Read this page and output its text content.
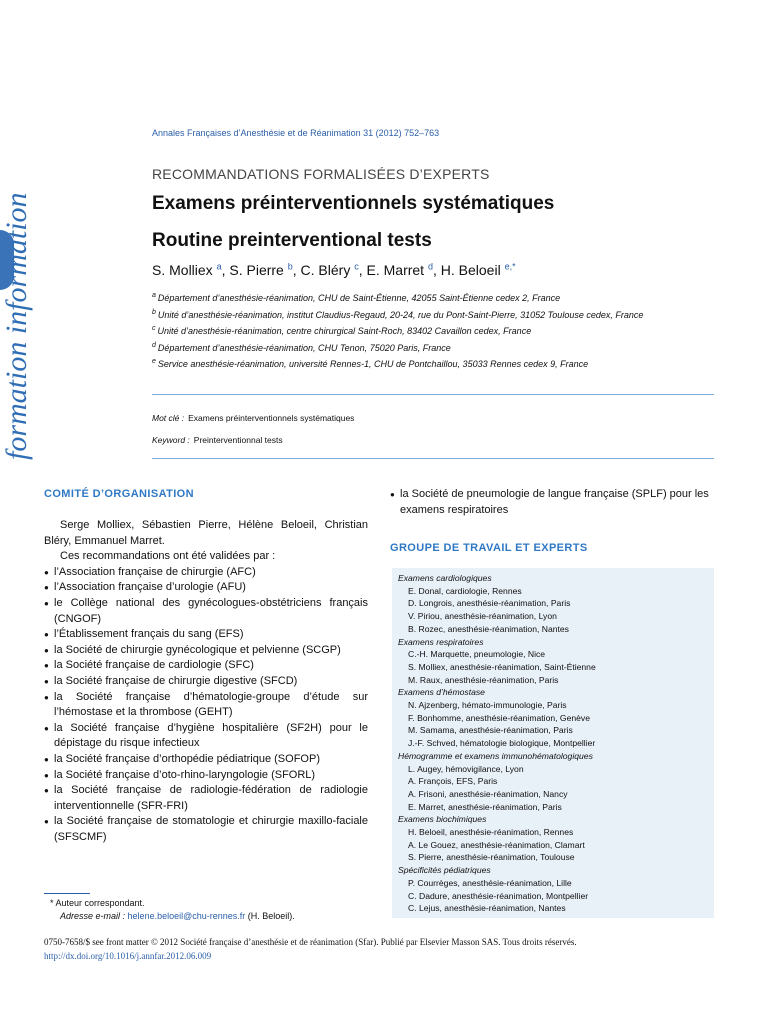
formation information
Annales Françaises d’Anesthésie et de Réanimation 31 (2012) 752–763
RECOMMANDATIONS FORMALISÉES D’EXPERTS
Examens préinterventionnels systématiques
Routine preinterventional tests
S. Molliex $^a$, S. Pierre $^b$, C. Bléry $^c$, E. Marret $^d$, H. Beloeil $^{e,*}$
$^a$ Département d’anesthésie-réanimation, CHU de Saint-Étienne, 42055 Saint-Étienne cedex 2, France
$^b$ Unité d’anesthésie-réanimation, institut Claudius-Regaud, 20-24, rue du Pont-Saint-Pierre, 31052 Toulouse cedex, France
$^c$ Unité d’anesthésie-réanimation, centre chirurgical Saint-Roch, 83402 Cavaillon cedex, France
$^d$ Département d’anesthésie-réanimation, CHU Tenon, 75020 Paris, France
$^e$ Service anesthésie-réanimation, université Rennes-1, CHU de Pontchaillou, 35033 Rennes cedex 9, France
Mot clé : Examens préinterventionnels systématiques
Keyword : Preinterventionnal tests
COMITÉ D’ORGANISATION

Serge Molliex, Sébastien Pierre, Hélène Beloeil, Christian Bléry, Emmanuel Marret.

Ces recommandations ont été validées par :

● l’Association française de chirurgie (AFC)
● l’Association française d’urologie (AFU)
● le Collège national des gynécologues-obstétriciens français (CNGOF)
● l’Établissement français du sang (EFS)
● la Société de chirurgie gynécologique et pelvienne (SCGP)
● la Société française de cardiologie (SFC)
● la Société française de chirurgie digestive (SFCD)
● la Société française d’hématologie-groupe d’étude sur l’hémostase et la thrombose (GEHT)
● la Société française d’hygiène hospitalière (SF2H) pour le dépistage du risque infectieux
● la Société française d’orthopédie pédiatrique (SOFOP)
● la Société française d’oto-rhino-laryngologie (SFORL)
● la Société française de radiologie-fédération de radiologie interventionnelle (SFR-FRI)
● la Société française de stomatologie et chirurgie maxillo-faciale (SFSCMF)
● la Société de pneumologie de langue française (SPLF) pour les examens respiratoires
GROUPE DE TRAVAIL ET EXPERTS
Examens cardiologiques
E. Donal, cardiologie, Rennes
D. Longrois, anesthésie-réanimation, Paris
V. Piriou, anesthésie-réanimation, Lyon
B. Rozec, anesthésie-réanimation, Nantes
Examens respiratoires
C.-H. Marquette, pneumologie, Nice
S. Molliex, anesthésie-réanimation, Saint-Étienne
M. Raux, anesthésie-réanimation, Paris
Examens d’hémostase
N. Ajzenberg, hémato-immunologie, Paris
F. Bonhomme, anesthésie-réanimation, Genève
M. Samama, anesthésie-réanimation, Paris
J.-F. Schved, hématologie biologique, Montpellier
Hémogramme et examens immunohématologiques
L. Augey, hémovigilance, Lyon
A. François, EFS, Paris
A. Frisoni, anesthésie-réanimation, Nancy
E. Marret, anesthésie-réanimation, Paris
Examens biochimiques
H. Beloeil, anesthésie-réanimation, Rennes
A. Le Gouez, anesthésie-réanimation, Clamart
S. Pierre, anesthésie-réanimation, Toulouse
Spécificités pédiatriques
P. Courrèges, anesthésie-réanimation, Lille
C. Dadure, anesthésie-réanimation, Montpellier
C. Lejus, anesthésie-réanimation, Nantes
* Auteur correspondant.
Adresse e-mail : helene.beloeil@chu-rennes.fr (H. Beloeil).
0750-7658/$ see front matter © 2012 Société française d’anesthésie et de réanimation (Sfar). Publié par Elsevier Masson SAS. Tous droits réservés.
http://dx.doi.org/10.1016/j.annfar.2012.06.009
